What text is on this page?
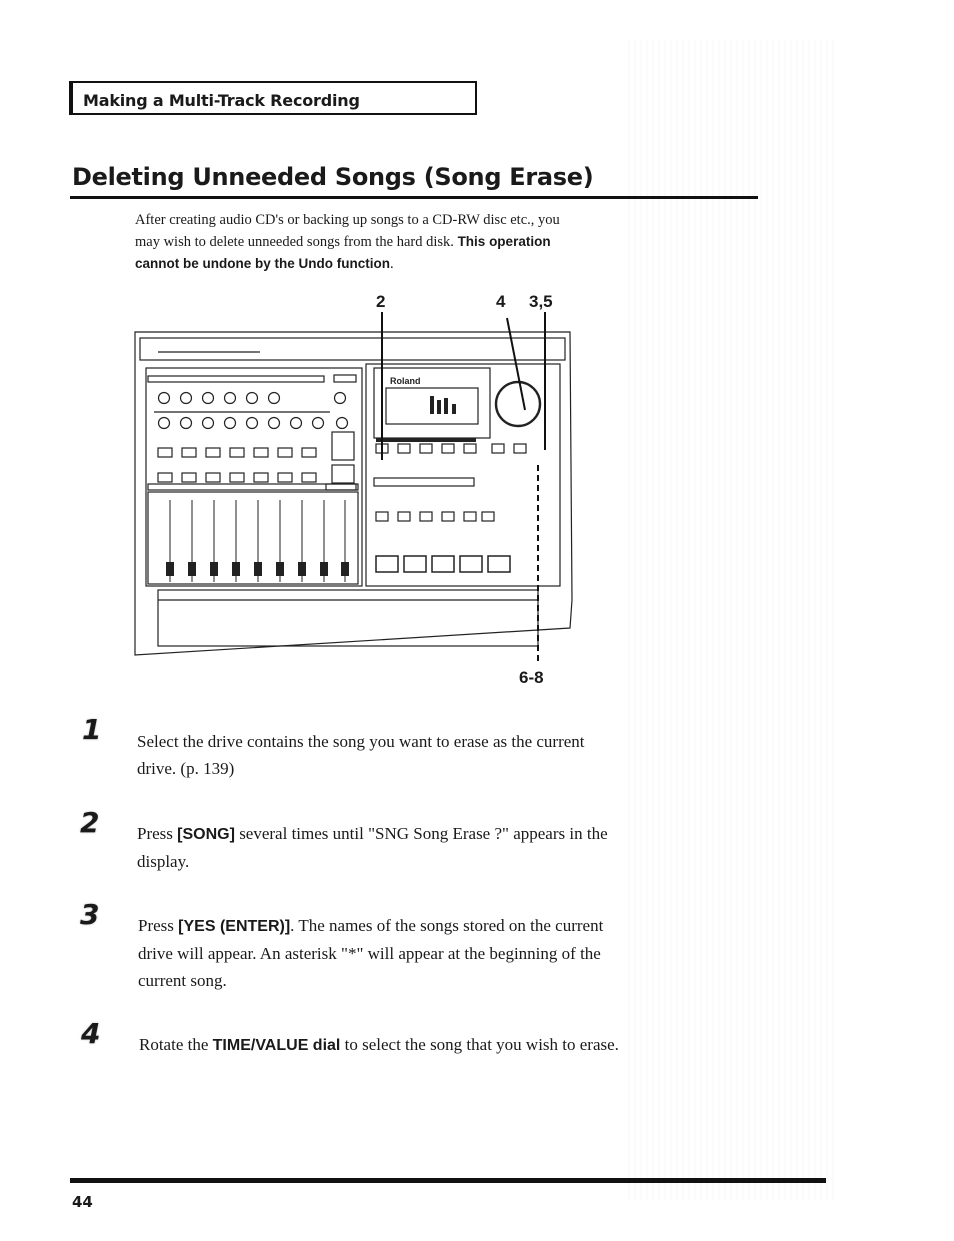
Making a Multi-Track Recording
Deleting Unneeded Songs (Song Erase)
After creating audio CD's or backing up songs to a CD-RW disc etc., you
may wish to delete unneeded songs from the hard disk. This operation
cannot be undone by the Undo function.
2	4 3,5
6-8
Roland
1 Select the drive contains the song you want to erase as the current drive. (p. 139)
2 Press [SONG] several times until "SNG Song Erase ?" appears in the display.
3 Press [YES (ENTER)]. The names of the songs stored on the current drive will appear. An asterisk "*" will appear at the beginning of the current song.
4 Rotate the TIME/VALUE dial to select the song that you wish to erase.
44
